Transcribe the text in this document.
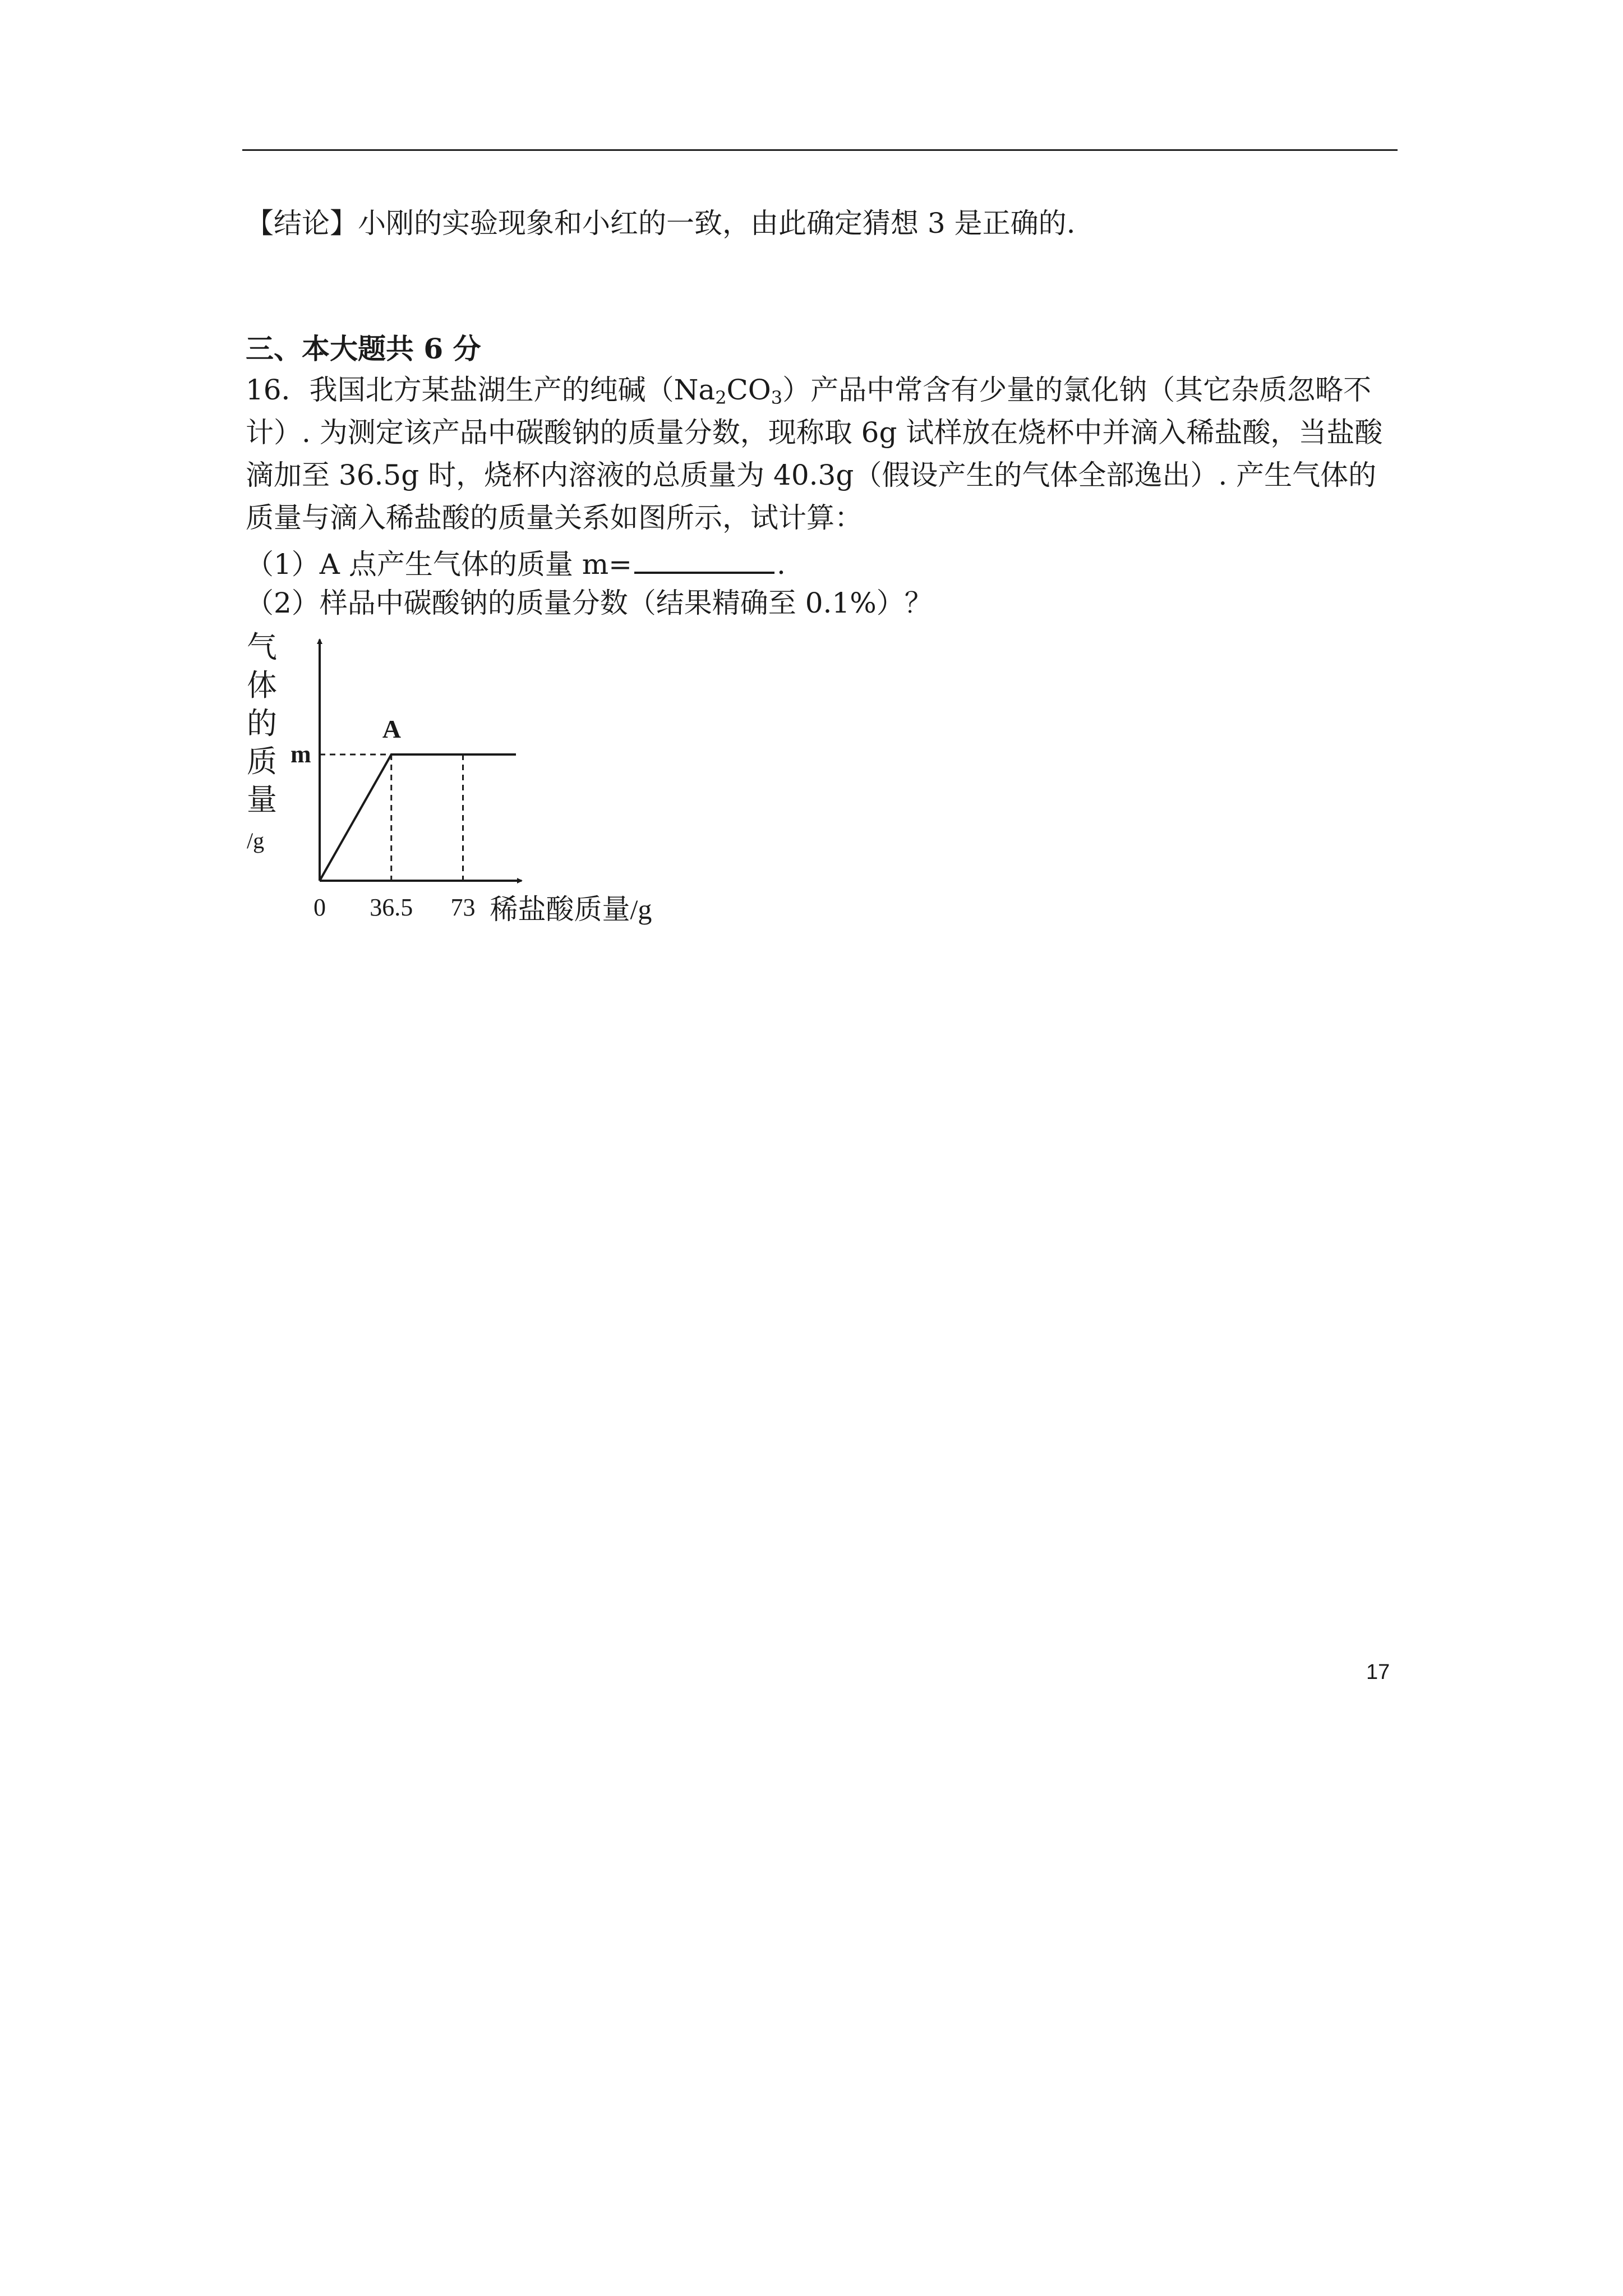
【结论】小刚的实验现象和小红的一致，由此确定猜想 3 是正确的.
三、本大题共 6 分
16．我国北方某盐湖生产的纯碱$(Na_2CO_3)$产品中常含有少量的氯化钠（其它杂质忽略不
计）. 为测定该产品中碳酸钠的质量分数，现称取 6g 试样放在烧杯中并滴入稀盐酸，当盐酸
滴加至 36.5g 时，烧杯内溶液的总质量为 40.3g（假设产生的气体全部逸出）. 产生气体的
质量与滴入稀盐酸的质量关系如图所示，试计算：
（1）A 点产生气体的质量 m=	.
（2）样品中碳酸钠的质量分数（结果精确至 0.1%）？
气
体
的
质
量
/g
稀盐酸质量/g
0 36.5 73
m
A
17
